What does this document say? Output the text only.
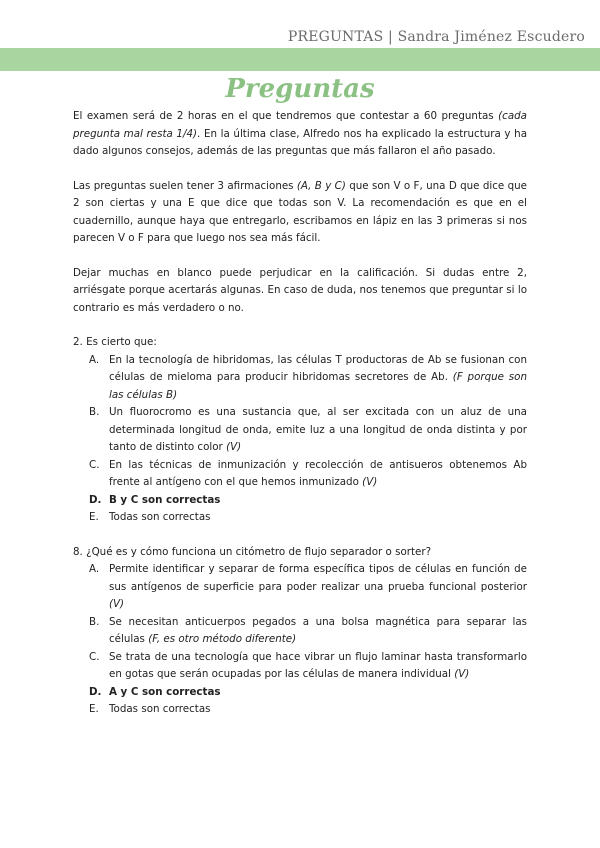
PREGUNTAS | Sandra Jiménez Escudero
Preguntas

El examen será de 2 horas en el que tendremos que contestar a 60 preguntas (cada pregunta mal resta 1/4). En la última clase, Alfredo nos ha explicado la estructura y ha dado algunos consejos, además de las preguntas que más fallaron el año pasado.

Las preguntas suelen tener 3 afirmaciones (A, B y C) que son V o F, una D que dice que 2 son ciertas y una E que dice que todas son V. La recomendación es que en el cuadernillo, aunque haya que entregarlo, escribamos en lápiz en las 3 primeras si nos parecen V o F para que luego nos sea más fácil.

Dejar muchas en blanco puede perjudicar en la calificación. Si dudas entre 2, arriésgate porque acertarás algunas. En caso de duda, nos tenemos que preguntar si lo contrario es más verdadero o no.

2. Es cierto que:

A. En la tecnología de hibridomas, las células T productoras de Ab se fusionan con células de mieloma para producir hibridomas secretores de Ab. (F porque son las células B)
B. Un fluorocromo es una sustancia que, al ser excitada con un aluz de una determinada longitud de onda, emite luz a una longitud de onda distinta y por tanto de distinto color (V)
C. En las técnicas de inmunización y recolección de antisueros obtenemos Ab frente al antígeno con el que hemos inmunizado (V)
D. B y C son correctas
E. Todas son correctas

8. ¿Qué es y cómo funciona un citómetro de flujo separador o sorter?

A. Permite identificar y separar de forma específica tipos de células en función de sus antígenos de superficie para poder realizar una prueba funcional posterior (V)
B. Se necesitan anticuerpos pegados a una bolsa magnética para separar las células (F, es otro método diferente)
C. Se trata de una tecnología que hace vibrar un flujo laminar hasta transformarlo en gotas que serán ocupadas por las células de manera individual (V)
D. A y C son correctas
E. Todas son correctas
